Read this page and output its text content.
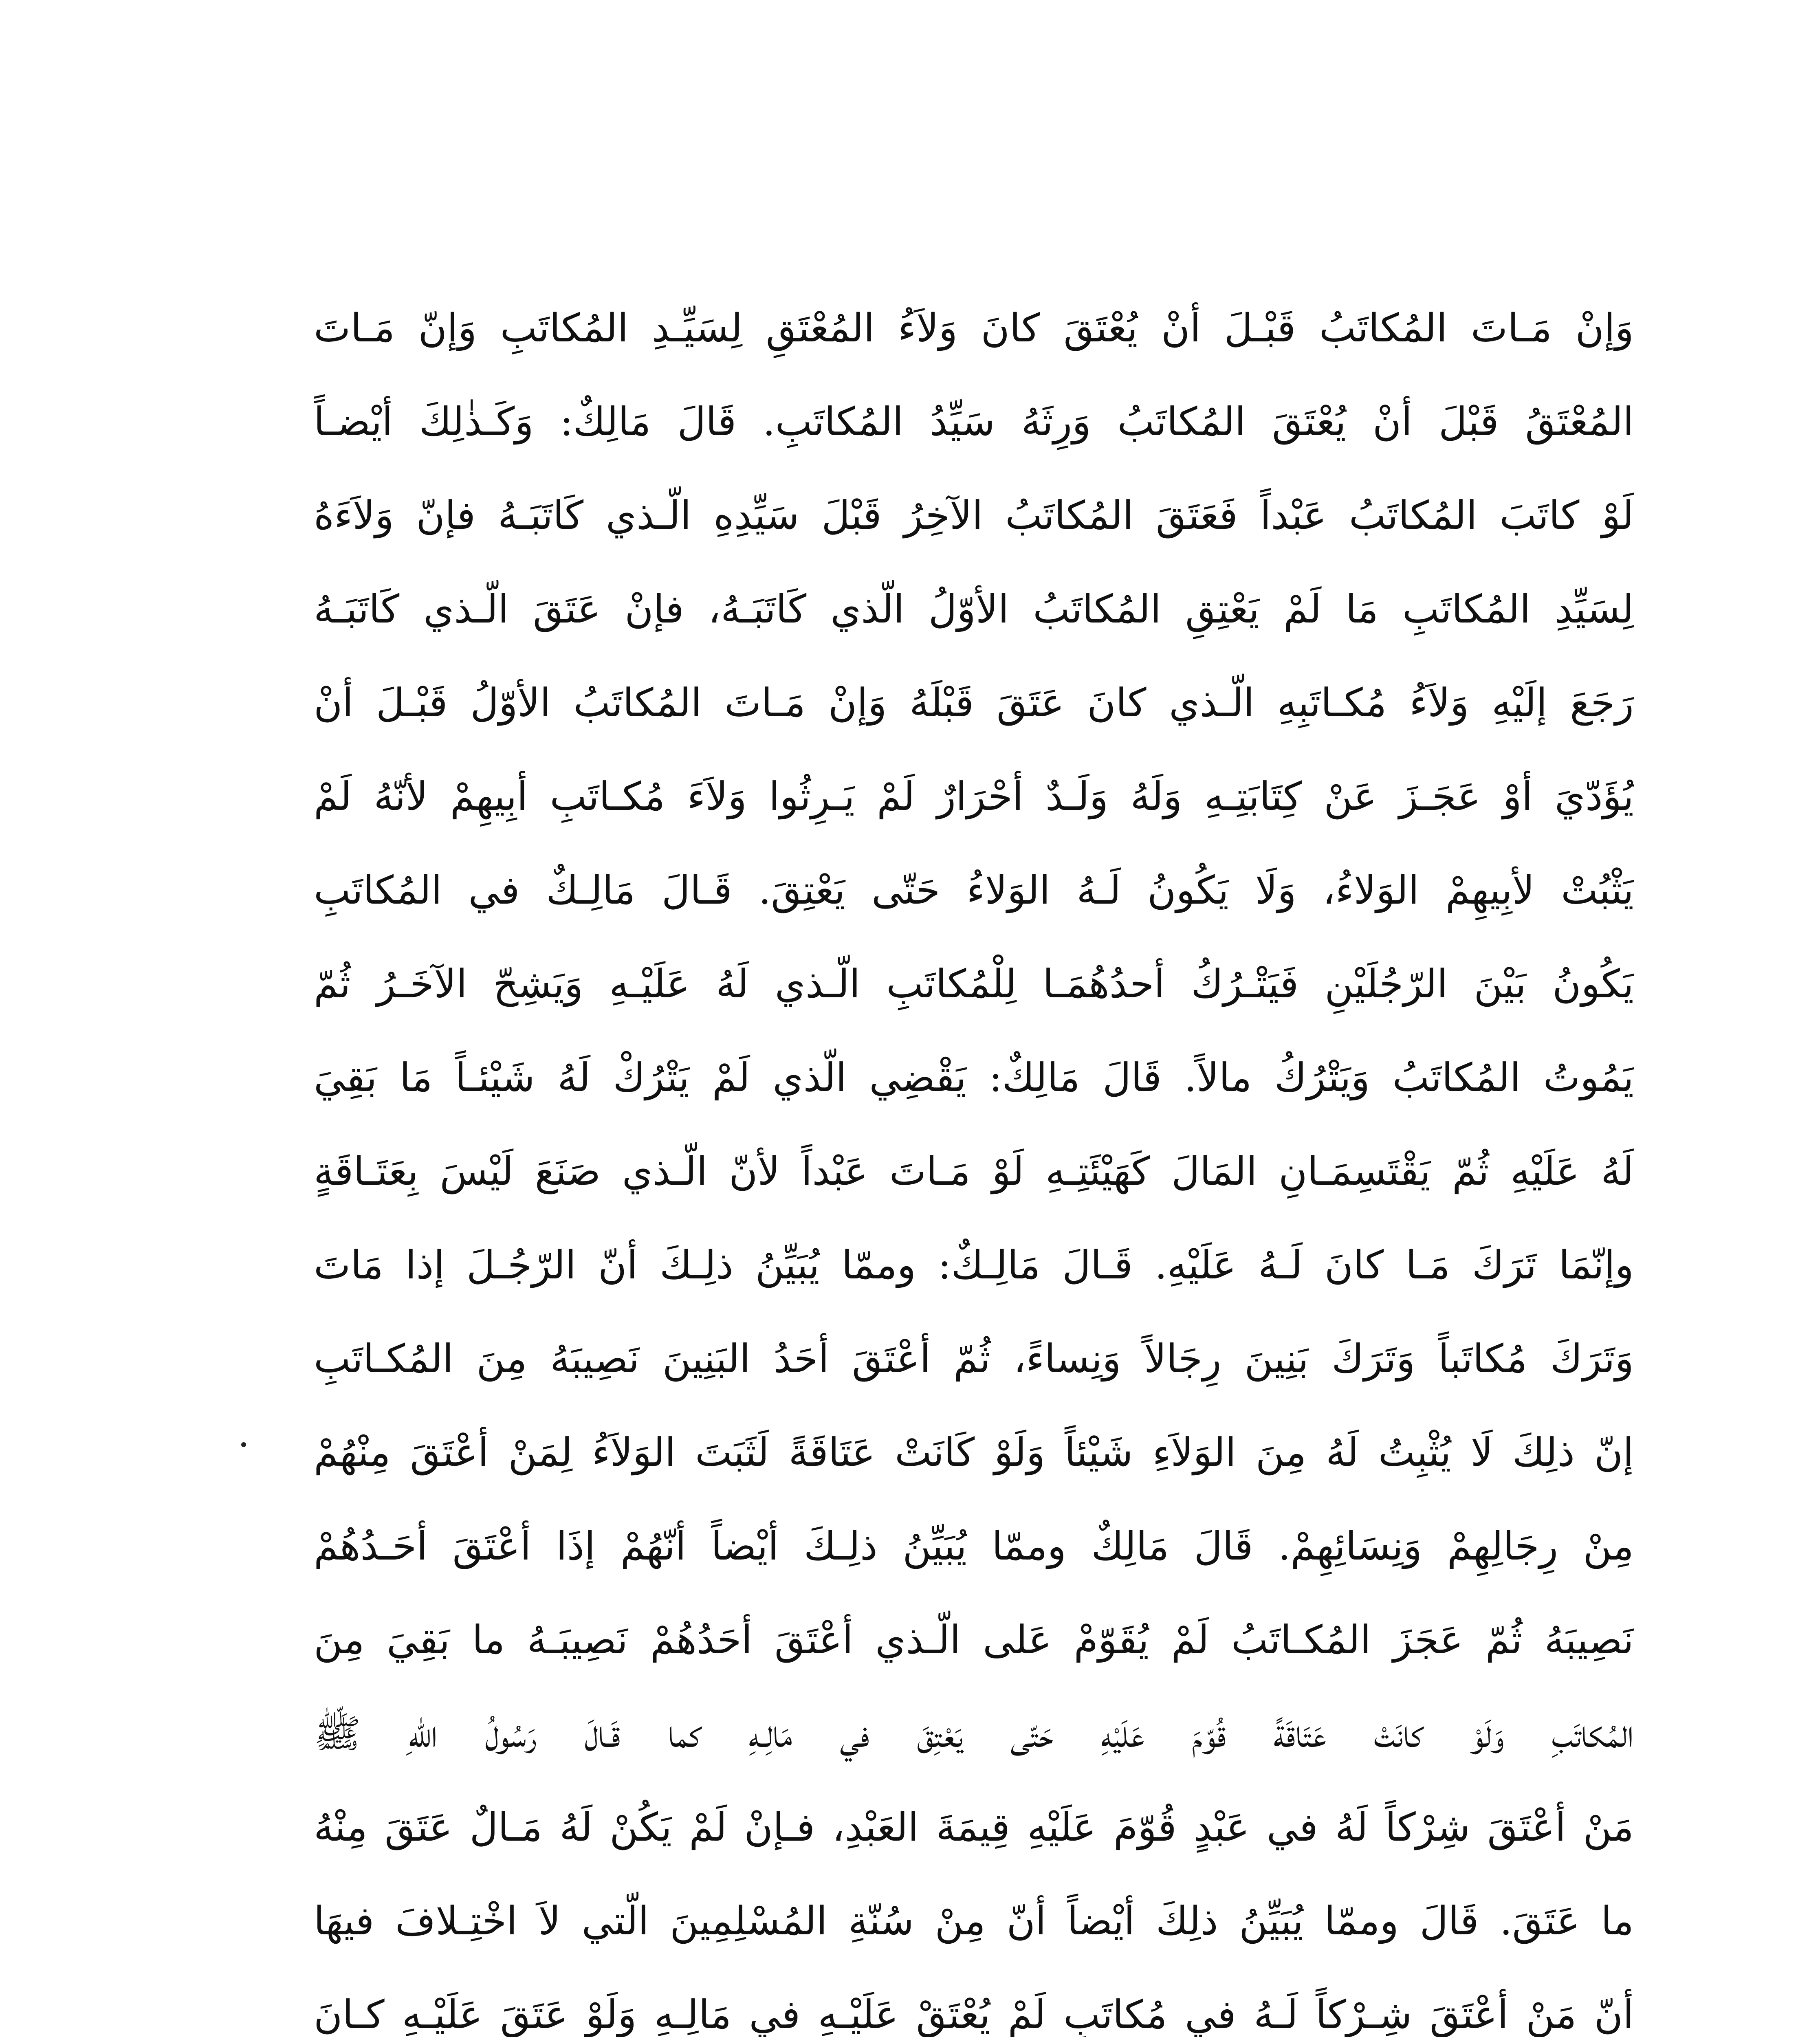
وَإنْ مَـاتَ المُكاتَبُ قَبْـلَ أنْ يُعْتَقَ كانَ وَلاَءُ المُعْتَقِ لِسَيِّـدِ المُكاتَبِ وَإنّ مَـاتَ
المُعْتَقُ قَبْلَ أنْ يُعْتَقَ المُكاتَبُ وَرِثَهُ سَيِّدُ المُكاتَبِ. قَالَ مَالِكٌ: وَكَـذٰلِكَ أيْضـاً
لَوْ كاتَبَ المُكاتَبُ عَبْداً فَعَتَقَ المُكاتَبُ الآخِرُ قَبْلَ سَيِّدِهِ الّـذي كَاتَبَـهُ فإنّ وَلاَءَهُ
لِسَيِّدِ المُكاتَبِ مَا لَمْ يَعْتِقِ المُكاتَبُ الأوّلُ الّذي كَاتَبَـهُ، فإنْ عَتَقَ الّـذي كَاتَبَـهُ
رَجَعَ إلَيْهِ وَلاَءُ مُكـاتَبِهِ الّـذي كانَ عَتَقَ قَبْلَهُ وَإنْ مَـاتَ المُكاتَبُ الأوّلُ قَبْـلَ أنْ
يُؤَدّيَ أوْ عَجَـزَ عَنْ كِتَابَتِـهِ وَلَهُ وَلَـدٌ أحْرَارٌ لَمْ يَـرِثُوا وَلاَءَ مُكـاتَبِ أبِيهِمْ لأنّهُ لَمْ
يَثْبُتْ لأبِيهِمْ الوَلاءُ، وَلَا يَكُونُ لَـهُ الوَلاءُ حَتّى يَعْتِقَ. قَـالَ مَالِـكٌ في المُكاتَبِ
يَكُونُ بَيْنَ الرّجُلَيْنِ فَيَتْـرُكُ أحدُهُمَـا لِلْمُكاتَبِ الّـذي لَهُ عَلَيْـهِ وَيَشِحّ الآخَـرُ ثُمّ
يَمُوتُ المُكاتَبُ وَيَتْرُكُ مالاً. قَالَ مَالِكٌ: يَقْضِي الّذي لَمْ يَتْرُكْ لَهُ شَيْئـاً مَا بَقِيَ
لَهُ عَلَيْهِ ثُمّ يَقْتَسِمَـانِ المَالَ كَهَيْئَتِـهِ لَوْ مَـاتَ عَبْداً لأنّ الّـذي صَنَعَ لَيْسَ بِعَتَـاقَةٍ
وإنّمَا تَرَكَ مَـا كانَ لَـهُ عَلَيْهِ. قَـالَ مَالِـكٌ: وممّا يُبَيِّنُ ذلِـكَ أنّ الرّجُـلَ إذا مَاتَ
وَتَرَكَ مُكاتَباً وَتَرَكَ بَنِينَ رِجَالاً وَنِساءً، ثُمّ أعْتَقَ أحَدُ البَنِينَ نَصِيبَهُ مِنَ المُكـاتَبِ
إنّ ذلِكَ لَا يُثْبِتُ لَهُ مِنَ الوَلاَءِ شَيْئاً وَلَوْ كَانَتْ عَتَاقَةً لَثَبَتَ الوَلاَءُ لِمَنْ أعْتَقَ مِنْهُمْ
مِنْ رِجَالِهِمْ وَنِسَائِهِمْ. قَالَ مَالِكٌ وممّا يُبَيِّنُ ذلِـكَ أيْضاً أنّهُمْ إذَا أعْتَقَ أحَـدُهُمْ
نَصِيبَهُ ثُمّ عَجَزَ المُكـاتَبُ لَمْ يُقَوّمْ عَلى الّـذي أعْتَقَ أحَدُهُمْ نَصِيبَـهُ ما بَقِيَ مِنَ
المُكاتَبِ وَلَوْ كانَتْ عَتَاقَةً قُوّمَ عَلَيْهِ حَتّى يَعْتِقَ في مَالِـهِ كما قَـالَ رَسُولُ اللهِ ﷺ
مَنْ أعْتَقَ شِرْكاً لَهُ في عَبْدٍ قُوّمَ عَلَيْهِ قِيمَةَ العَبْدِ، فـإنْ لَمْ يَكُنْ لَهُ مَـالٌ عَتَقَ مِنْهُ
ما عَتَقَ. قَالَ وممّا يُبَيِّنُ ذلِكَ أيْضاً أنّ مِنْ سُنّةِ المُسْلِمِينَ الّتي لاَ اخْتِـلافَ فيهَا
أنّ مَنْ أعْتَقَ شِـرْكاً لَـهُ في مُكاتَبٍ لَمْ يُعْتَقْ عَلَيْـهِ في مَالِـهِ وَلَوْ عَتَقَ عَلَيْـهِ كـانَ
